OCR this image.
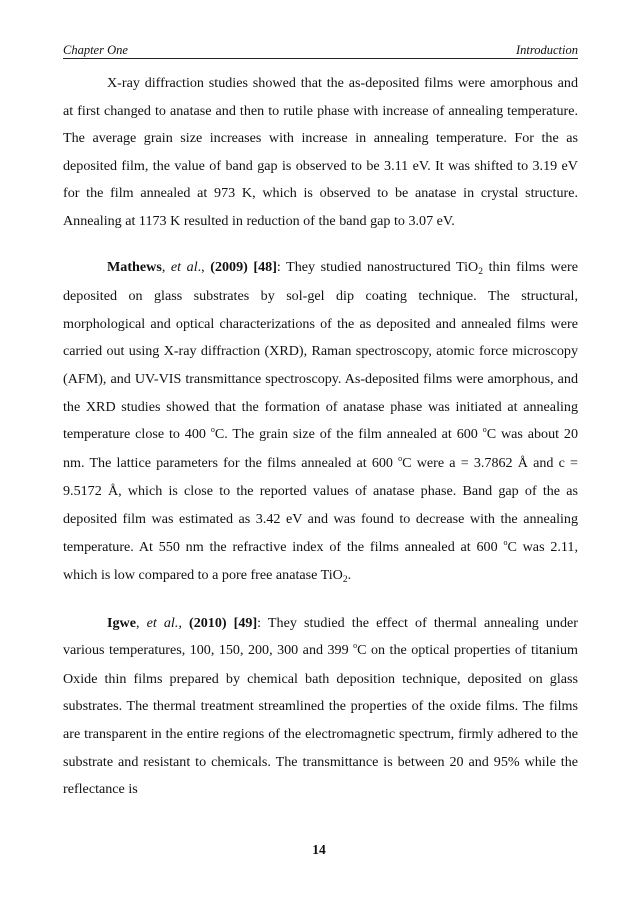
Chapter One	Introduction

X-ray diffraction studies showed that the as-deposited films were amorphous and at first changed to anatase and then to rutile phase with increase of annealing temperature. The average grain size increases with increase in annealing temperature. For the as deposited film, the value of band gap is observed to be 3.11 eV. It was shifted to 3.19 eV for the film annealed at 973 K, which is observed to be anatase in crystal structure. Annealing at 1173 K resulted in reduction of the band gap to 3.07 eV.

Mathews, et al., (2009) [48]: They studied nanostructured TiO$_2$ thin films were deposited on glass substrates by sol-gel dip coating technique. The structural, morphological and optical characterizations of the as deposited and annealed films were carried out using X-ray diffraction (XRD), Raman spectroscopy, atomic force microscopy (AFM), and UV-VIS transmittance spectroscopy. As-deposited films were amorphous, and the XRD studies showed that the formation of anatase phase was initiated at annealing temperature close to 400 $^o$C. The grain size of the film annealed at 600 $^o$C was about 20 nm. The lattice parameters for the films annealed at 600 $^o$C were a = 3.7862 Å and c = 9.5172 Å, which is close to the reported values of anatase phase. Band gap of the as deposited film was estimated as 3.42 eV and was found to decrease with the annealing temperature. At 550 nm the refractive index of the films annealed at 600 $^o$C was 2.11, which is low compared to a pore free anatase TiO$_2$.

Igwe, et al., (2010) [49]: They studied the effect of thermal annealing under various temperatures, 100, 150, 200, 300 and 399 $^o$C on the optical properties of titanium Oxide thin films prepared by chemical bath deposition technique, deposited on glass substrates. The thermal treatment streamlined the properties of the oxide films. The films are transparent in the entire regions of the electromagnetic spectrum, firmly adhered to the substrate and resistant to chemicals. The transmittance is between 20 and 95% while the reflectance is

14
